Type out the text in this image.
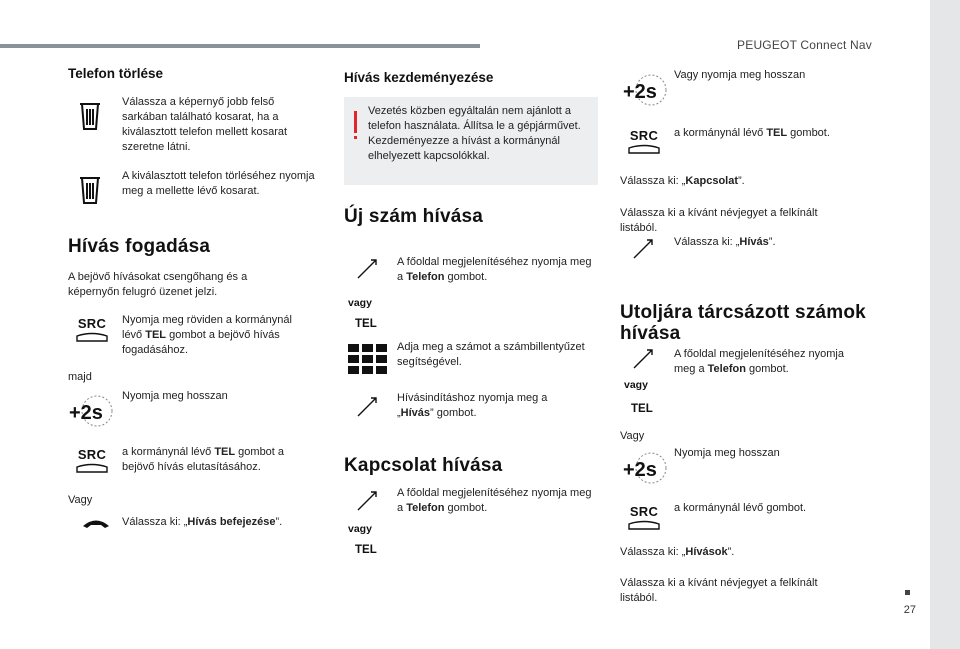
PEUGEOT Connect Nav
27
Telefon törlése

Válassza a képernyő jobb felső sarkában található kosarat, ha a kiválasztott telefon mellett kosarat szeretne látni.

A kiválasztott telefon törléséhez nyomja meg a mellette lévő kosarat.

Hívás fogadása

A bejövő hívásokat csengőhang és a képernyőn felugró üzenet jelzi.

SRC	Nyomja meg röviden a kormánynál lévő TEL gombot a bejövő hívás fogadásához.

majd

+2s

Nyomja meg hosszan

SRC	a kormánynál lévő TEL gombot a bejövő hívás elutasításához.

Vagy

Válassza ki: „Hívás befejezése”.

Hívás kezdeményezése

Vezetés közben egyáltalán nem ajánlott a telefon használata. Állítsa le a gépjárművet. Kezdeményezze a hívást a kormánynál elhelyezett kapcsolókkal.

Új szám hívása
vagy
TEL

A főoldal megjelenítéséhez nyomja meg a Telefon gombot.

Adja meg a számot a számbillentyűzet segítségével.

Hívásindításhoz nyomja meg a „Hívás” gombot.

Kapcsolat hívása
vagy
TEL

A főoldal megjelenítéséhez nyomja meg a Telefon gombot.

+2s

Vagy nyomja meg hosszan

SRC	a kormánynál lévő TEL gombot.

Válassza ki: „Kapcsolat”.

Válassza ki a kívánt névjegyet a felkínált listából.

Válassza ki: „Hívás”.

Utoljára tárcsázott számok hívása
vagy
TEL

A főoldal megjelenítéséhez nyomja meg a Telefon gombot.

Vagy

+2s

Nyomja meg hosszan

SRC	a kormánynál lévő gombot.

Válassza ki: „Hívások”.

Válassza ki a kívánt névjegyet a felkínált listából.
